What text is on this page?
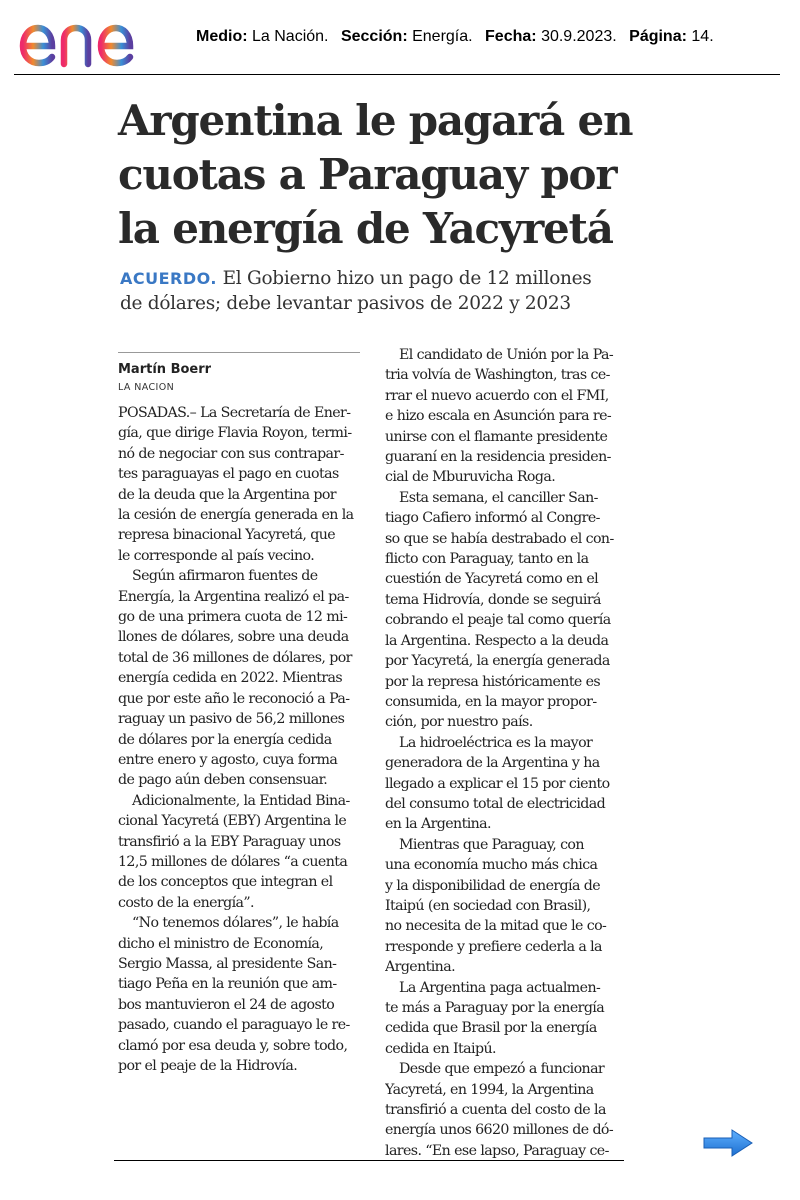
Medio: La Nación. Sección: Energía. Fecha: 30.9.2023. Página: 14.
Argentina le pagará en
cuotas a Paraguay por
la energía de Yacyretá
ACUERDO. El Gobierno hizo un pago de 12 millones
de dólares; debe levantar pasivos de 2022 y 2023
Martín Boerr
LA NACION
POSADAS.– La Secretaría de Ener-
gía, que dirige Flavia Royon, termi-
nó de negociar con sus contrapar-
tes paraguayas el pago en cuotas
de la deuda que la Argentina por
la cesión de energía generada en la
represa binacional Yacyretá, que
le corresponde al país vecino.
Según afirmaron fuentes de
Energía, la Argentina realizó el pa-
go de una primera cuota de 12 mi-
llones de dólares, sobre una deuda
total de 36 millones de dólares, por
energía cedida en 2022. Mientras
que por este año le reconoció a Pa-
raguay un pasivo de 56,2 millones
de dólares por la energía cedida
entre enero y agosto, cuya forma
de pago aún deben consensuar.
Adicionalmente, la Entidad Bina-
cional Yacyretá (EBY) Argentina le
transfirió a la EBY Paraguay unos
12,5 millones de dólares “a cuenta
de los conceptos que integran el
costo de la energía”.
“No tenemos dólares”, le había
dicho el ministro de Economía,
Sergio Massa, al presidente San-
tiago Peña en la reunión que am-
bos mantuvieron el 24 de agosto
pasado, cuando el paraguayo le re-
clamó por esa deuda y, sobre todo,
por el peaje de la Hidrovía.
El candidato de Unión por la Pa-
tria volvía de Washington, tras ce-
rrar el nuevo acuerdo con el FMI,
e hizo escala en Asunción para re-
unirse con el flamante presidente
guaraní en la residencia presiden-
cial de Mburuvicha Roga.
Esta semana, el canciller San-
tiago Cafiero informó al Congre-
so que se había destrabado el con-
flicto con Paraguay, tanto en la
cuestión de Yacyretá como en el
tema Hidrovía, donde se seguirá
cobrando el peaje tal como quería
la Argentina. Respecto a la deuda
por Yacyretá, la energía generada
por la represa históricamente es
consumida, en la mayor propor-
ción, por nuestro país.
La hidroeléctrica es la mayor
generadora de la Argentina y ha
llegado a explicar el 15 por ciento
del consumo total de electricidad
en la Argentina.
Mientras que Paraguay, con
una economía mucho más chica
y la disponibilidad de energía de
Itaipú (en sociedad con Brasil),
no necesita de la mitad que le co-
rresponde y prefiere cederla a la
Argentina.
La Argentina paga actualmen-
te más a Paraguay por la energía
cedida que Brasil por la energía
cedida en Itaipú.
Desde que empezó a funcionar
Yacyretá, en 1994, la Argentina
transfirió a cuenta del costo de la
energía unos 6620 millones de dó-
lares. “En ese lapso, Paraguay ce-
